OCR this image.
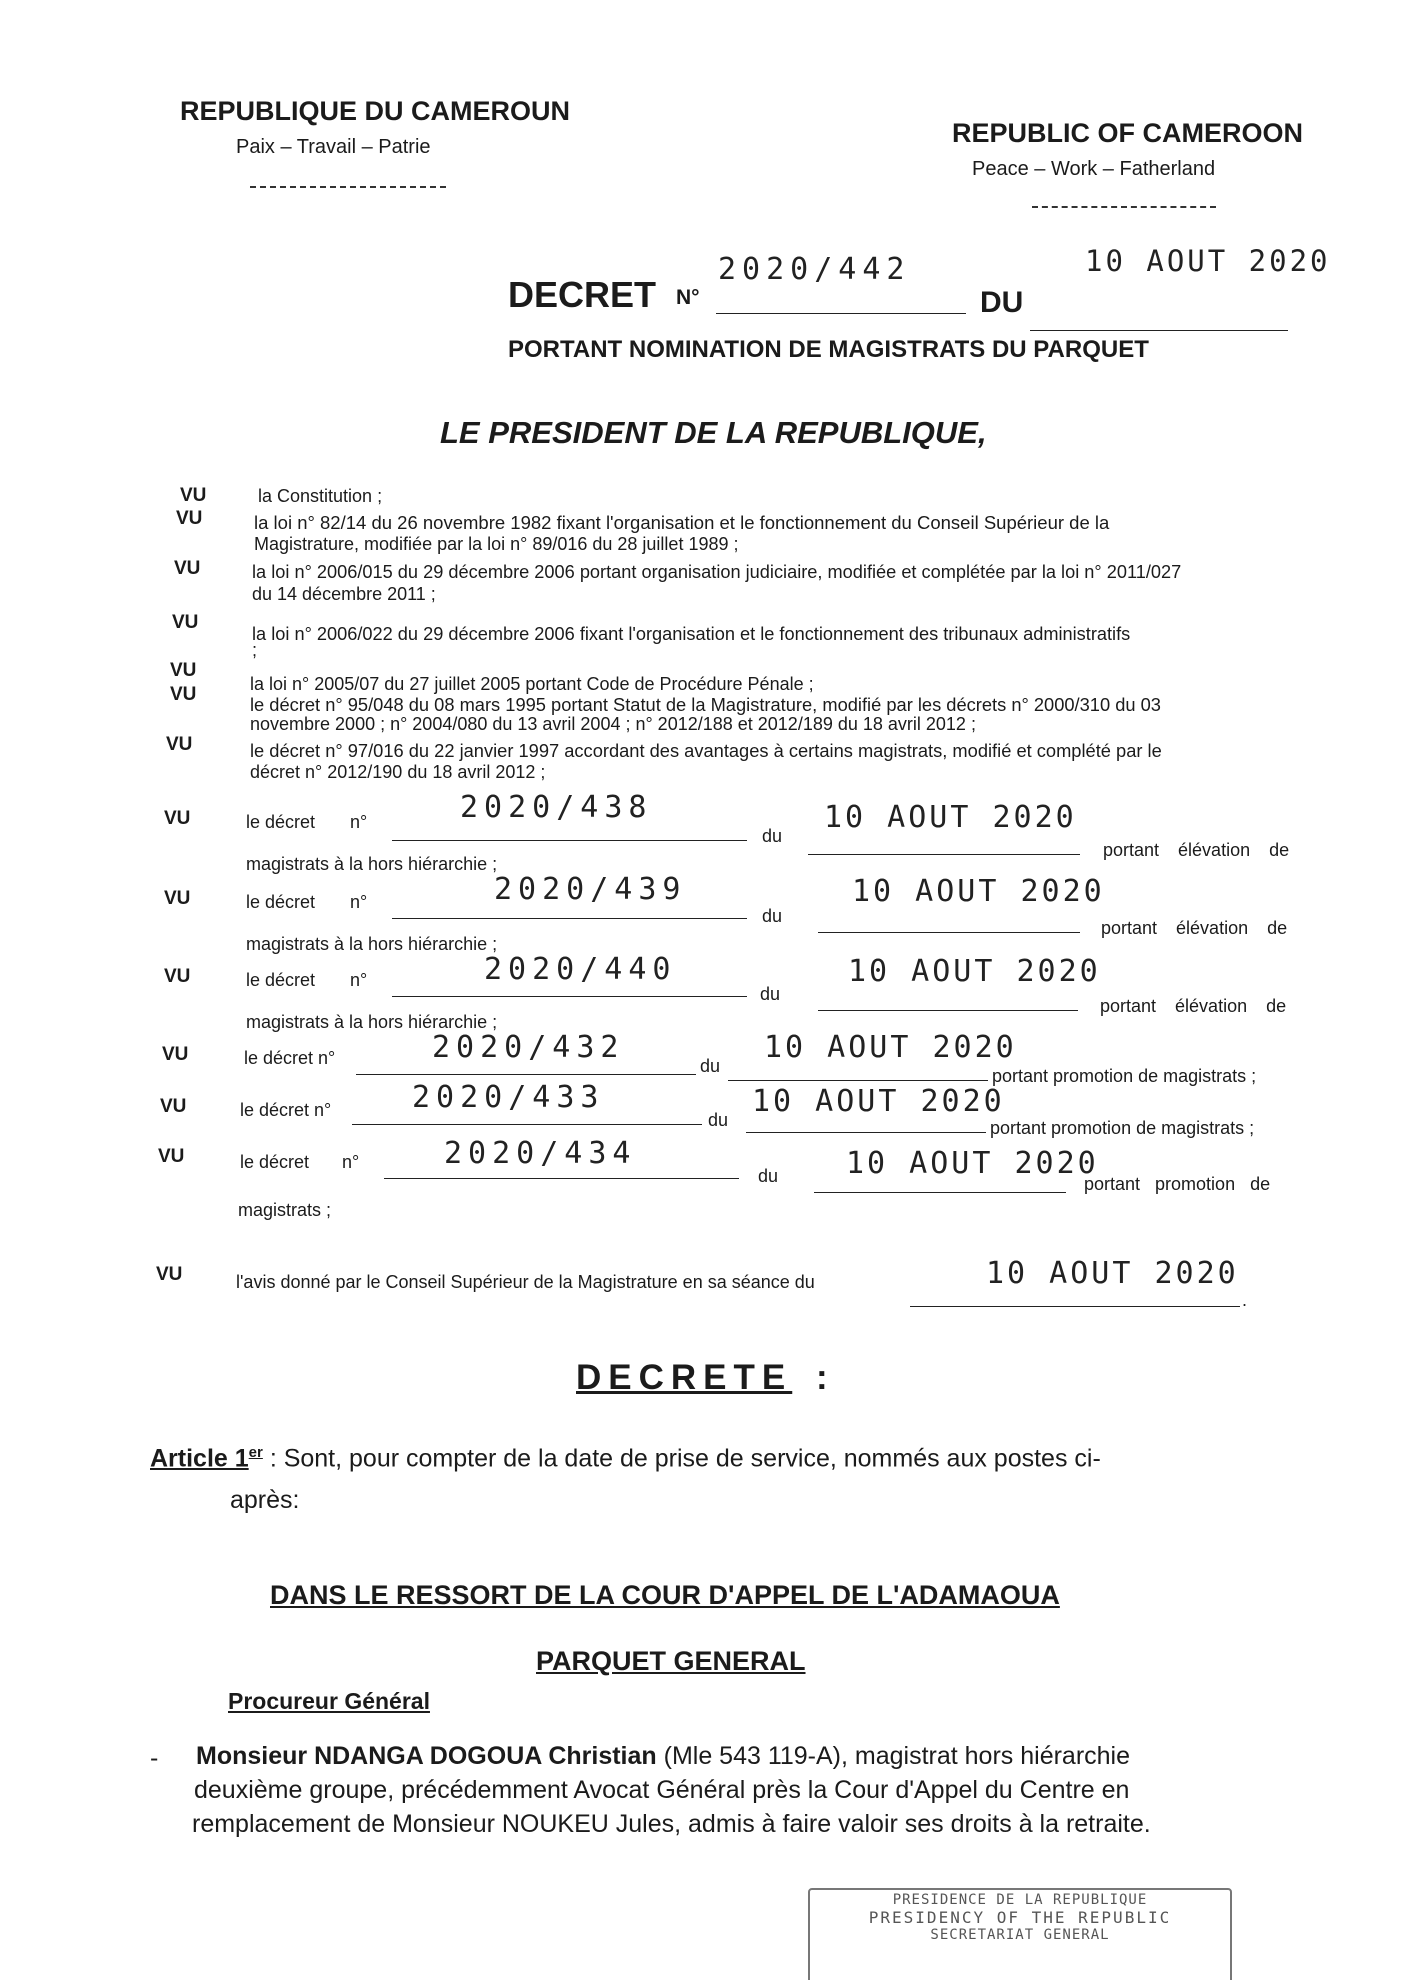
REPUBLIQUE DU CAMEROUN
Paix – Travail – Patrie	REPUBLIC OF CAMEROON
Peace – Work – Fatherland
DECRET N°
2020/442
DU
10 AOUT 2020
PORTANT NOMINATION DE MAGISTRATS DU PARQUET
LE PRESIDENT DE LA REPUBLIQUE,
VU	la Constitution ;
VU	la loi n° 82/14 du 26 novembre 1982 fixant l'organisation et le fonctionnement du Conseil Supérieur de la
Magistrature, modifiée par la loi n° 89/016 du 28 juillet 1989 ;
VU	la loi n° 2006/015 du 29 décembre 2006 portant organisation judiciaire, modifiée et complétée par la loi n° 2011/027
du 14 décembre 2011 ;
VU
la loi n° 2006/022 du 29 décembre 2006 fixant l'organisation et le fonctionnement des tribunaux administratifs
;
VU
la loi n° 2005/07 du 27 juillet 2005 portant Code de Procédure Pénale ;
VU	le décret n° 95/048 du 08 mars 1995 portant Statut de la Magistrature, modifié par les décrets n° 2000/310 du 03
novembre 2000 ; n° 2004/080 du 13 avril 2004 ; n° 2012/188 et 2012/189 du 18 avril 2012 ;
VU	le décret n° 97/016 du 22 janvier 1997 accordant des avantages à certains magistrats, modifié et complété par le
décret n° 2012/190 du 18 avril 2012 ;
VU	le décret n°	2020/438
du
10 AOUT 2020
portant élévation de
magistrats à la hors hiérarchie ;
VU	le décret n°	2020/439
du
10 AOUT 2020
portant élévation de
magistrats à la hors hiérarchie ;
VU	le décret n°	2020/440
du
10 AOUT 2020
portant élévation de
magistrats à la hors hiérarchie ;
VU	le décret n°	2020/432
du
10 AOUT 2020
portant promotion de magistrats ;
VU	le décret n°	2020/433
du
10 AOUT 2020
portant promotion de magistrats ;
VU	le décret n°	2020/434
du 10 AOUT 2020
portant promotion de
magistrats ;
VU	l'avis donné par le Conseil Supérieur de la Magistrature en sa séance du	10 AOUT 2020
.
DECRETE :
Article 1er : Sont, pour compter de la date de prise de service, nommés aux postes ci-
après:
DANS LE RESSORT DE LA COUR D'APPEL DE L'ADAMAOUA
PARQUET GENERAL
Procureur Général
- Monsieur NDANGA DOGOUA Christian (Mle 543 119-A), magistrat hors hiérarchie
deuxième groupe, précédemment Avocat Général près la Cour d'Appel du Centre en
remplacement de Monsieur NOUKEU Jules, admis à faire valoir ses droits à la retraite.
PRESIDENCE DE LA REPUBLIQUE
PRESIDENCY OF THE REPUBLIC
SECRETARIAT GENERAL
